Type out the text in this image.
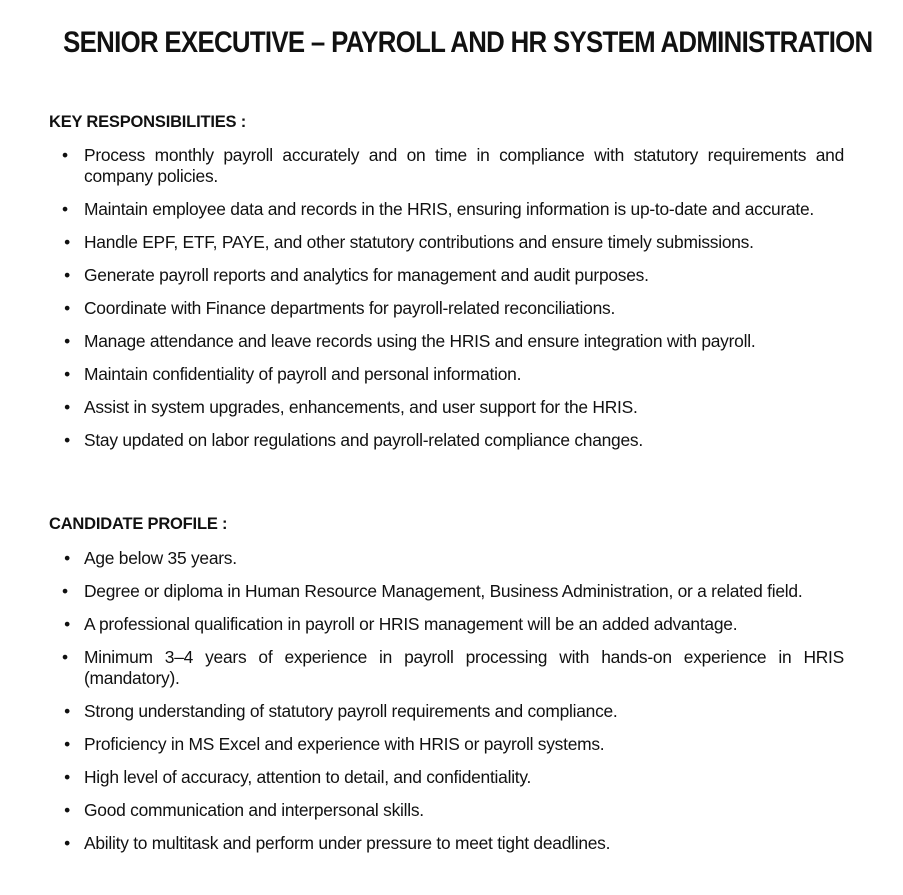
SENIOR EXECUTIVE – PAYROLL AND HR SYSTEM ADMINISTRATION
KEY RESPONSIBILITIES :
• Process monthly payroll accurately and on time in compliance with statutory requirements and company policies.
• Maintain employee data and records in the HRIS, ensuring information is up-to-date and accurate.
• Handle EPF, ETF, PAYE, and other statutory contributions and ensure timely submissions.
• Generate payroll reports and analytics for management and audit purposes.
• Coordinate with Finance departments for payroll-related reconciliations.
• Manage attendance and leave records using the HRIS and ensure integration with payroll.
• Maintain confidentiality of payroll and personal information.
• Assist in system upgrades, enhancements, and user support for the HRIS.
• Stay updated on labor regulations and payroll-related compliance changes.
CANDIDATE PROFILE :
• Age below 35 years.
• Degree or diploma in Human Resource Management, Business Administration, or a related field.
• A professional qualification in payroll or HRIS management will be an added advantage.
• Minimum 3–4 years of experience in payroll processing with hands-on experience in HRIS (mandatory).
• Strong understanding of statutory payroll requirements and compliance.
• Proficiency in MS Excel and experience with HRIS or payroll systems.
• High level of accuracy, attention to detail, and confidentiality.
• Good communication and interpersonal skills.
• Ability to multitask and perform under pressure to meet tight deadlines.
